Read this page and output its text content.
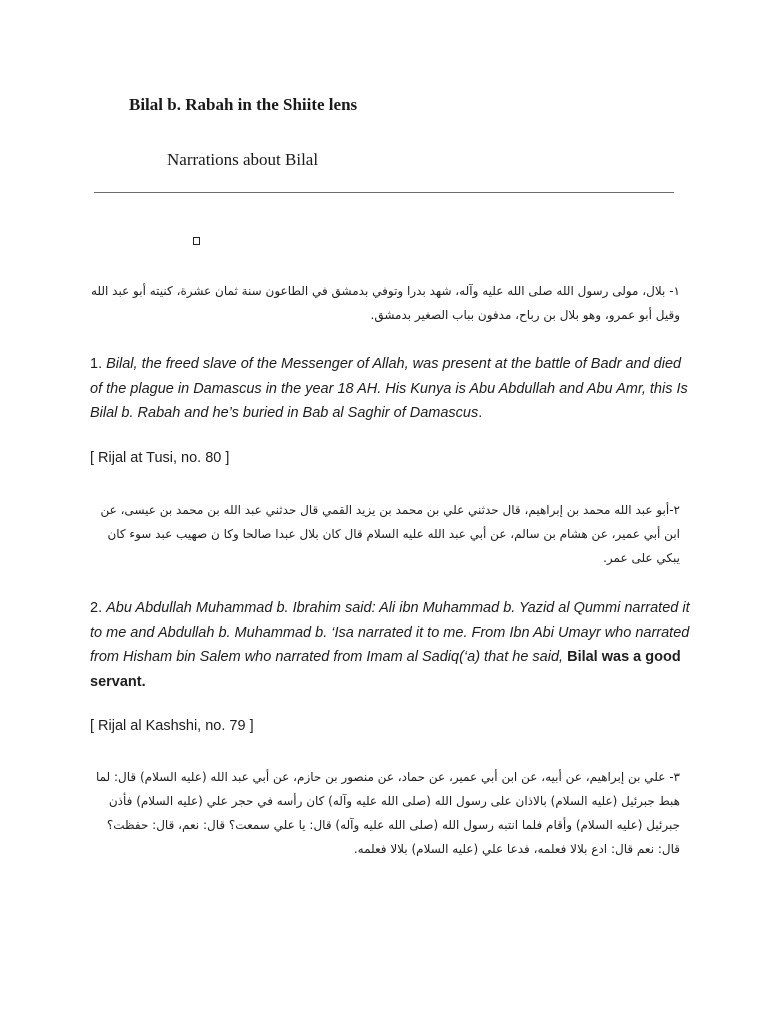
Bilal b. Rabah in the Shiite lens
Narrations about Bilal
١- بلال، مولى رسول الله صلى الله عليه وآله، شهد بدرا وتوفي بدمشق في الطاعون سنة ثمان عشرة، كنيته أبو عبد الله وقيل أبو عمرو، وهو بلال بن رباح، مدفون بباب الصغير بدمشق.
1. Bilal, the freed slave of the Messenger of Allah, was present at the battle of Badr and died of the plague in Damascus in the year 18 AH. His Kunya is Abu Abdullah and Abu Amr, this Is Bilal b. Rabah and he’s buried in Bab al Saghir of Damascus.
[ Rijal at Tusi, no. 80 ]
٢-أبو عبد الله محمد بن إبراهيم، قال حدثني علي بن محمد بن يزيد القمي قال حدثني عبد الله بن محمد بن عيسى، عن ابن أبي عمير، عن هشام بن سالم، عن أبي عبد الله عليه السلام قال كان بلال عبدا صالحا وكا ن صهيب عبد سوء كان يبكي على عمر.
2. Abu Abdullah Muhammad b. Ibrahim said: Ali ibn Muhammad b. Yazid al Qummi narrated it to me and Abdullah b. Muhammad b. ‘Isa narrated it to me. From Ibn Abi Umayr who narrated from Hisham bin Salem who narrated from Imam al Sadiq(‘a) that he said, Bilal was a good servant.
[ Rijal al Kashshi, no. 79 ]
٣- علي بن إبراهيم، عن أبيه، عن ابن أبي عمير، عن حماد، عن منصور بن حازم، عن أبي عبد الله (عليه السلام) قال: لما هبط جبرئيل (عليه السلام) بالاذان على رسول الله (صلى الله عليه وآله) كان رأسه في حجر علي (عليه السلام) فأذن جبرئيل (عليه السلام) وأقام فلما انتبه رسول الله (صلى الله عليه وآله) قال: يا علي سمعت؟ قال: نعم، قال: حفظت؟ قال: نعم قال: ادع بلالا فعلمه، فدعا علي (عليه السلام) بلالا فعلمه.
